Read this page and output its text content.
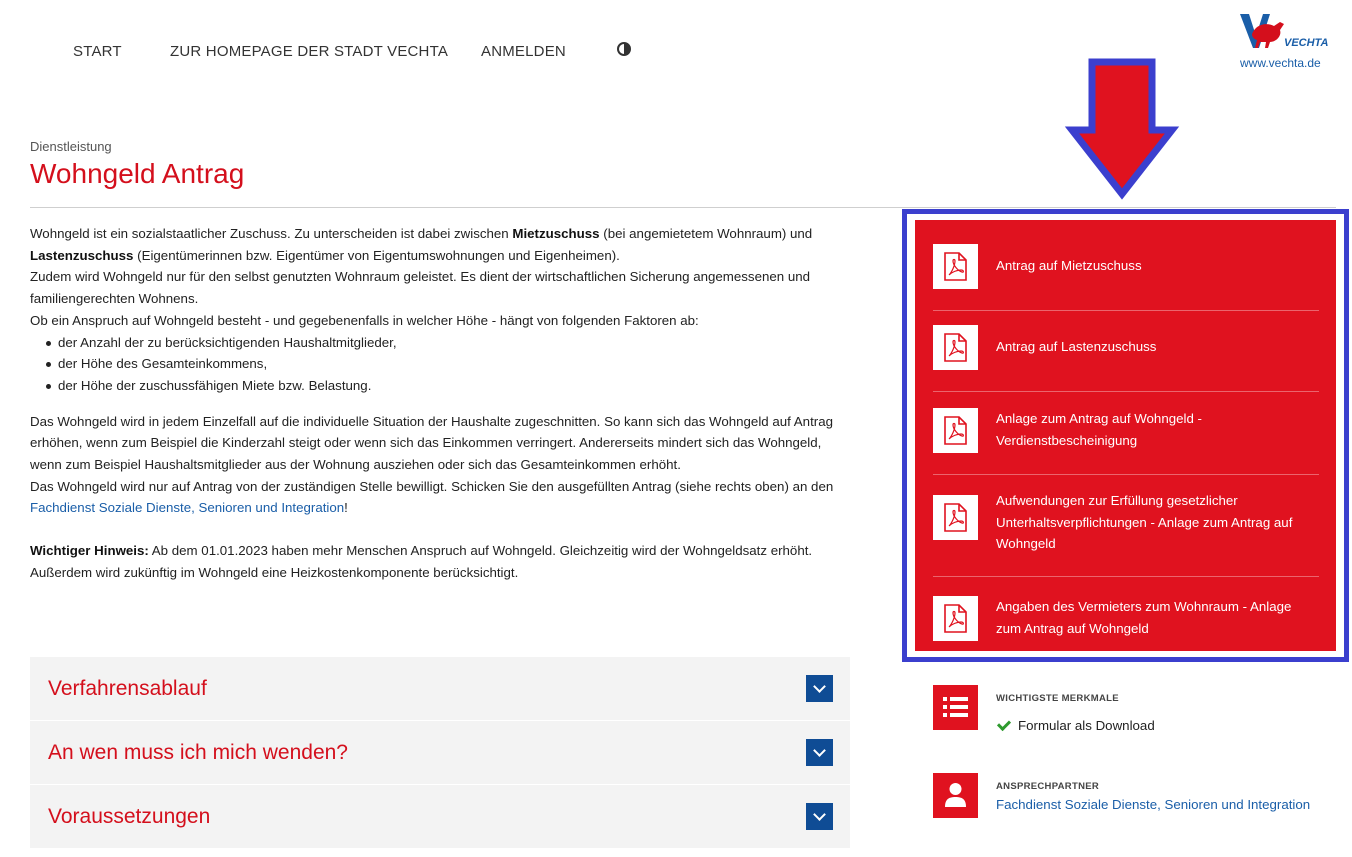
START	ZUR HOMEPAGE DER STADT VECHTA ANMELDEN	VECHTA
www.vechta.de
Dienstleistung
Wohngeld Antrag

Wohngeld ist ein sozialstaatlicher Zuschuss. Zu unterscheiden ist dabei zwischen Mietzuschuss (bei angemietetem Wohnraum) und Lastenzuschuss (Eigentümerinnen bzw. Eigentümer von Eigentumswohnungen und Eigenheimen).

Zudem wird Wohngeld nur für den selbst genutzten Wohnraum geleistet. Es dient der wirtschaftlichen Sicherung angemessenen und familiengerechten Wohnens.

Ob ein Anspruch auf Wohngeld besteht - und gegebenenfalls in welcher Höhe - hängt von folgenden Faktoren ab:

der Anzahl der zu berücksichtigenden Haushaltmitglieder,
der Höhe des Gesamteinkommens,
der Höhe der zuschussfähigen Miete bzw. Belastung.

Das Wohngeld wird in jedem Einzelfall auf die individuelle Situation der Haushalte zugeschnitten. So kann sich das Wohngeld auf Antrag erhöhen, wenn zum Beispiel die Kinderzahl steigt oder wenn sich das Einkommen verringert. Andererseits mindert sich das Wohngeld, wenn zum Beispiel Haushaltsmitglieder aus der Wohnung ausziehen oder sich das Gesamteinkommen erhöht.

Das Wohngeld wird nur auf Antrag von der zuständigen Stelle bewilligt. Schicken Sie den ausgefüllten Antrag (siehe rechts oben) an den Fachdienst Soziale Dienste, Senioren und Integration!

Wichtiger Hinweis: Ab dem 01.01.2023 haben mehr Menschen Anspruch auf Wohngeld. Gleichzeitig wird der Wohngeldsatz erhöht. Außerdem wird zukünftig im Wohngeld eine Heizkostenkomponente berücksichtigt.

Verfahrensablauf
An wen muss ich mich wenden?
Voraussetzungen
Antrag auf Mietzuschuss
Antrag auf Lastenzuschuss
Anlage zum Antrag auf Wohngeld - Verdienstbescheinigung
Aufwendungen zur Erfüllung gesetzlicher Unterhaltsverpflichtungen - Anlage zum Antrag auf Wohngeld
Angaben des Vermieters zum Wohnraum - Anlage zum Antrag auf Wohngeld
WICHTIGSTE MERKMALE
Formular als Download
ANSPRECHPARTNER
Fachdienst Soziale Dienste, Senioren und Integration
